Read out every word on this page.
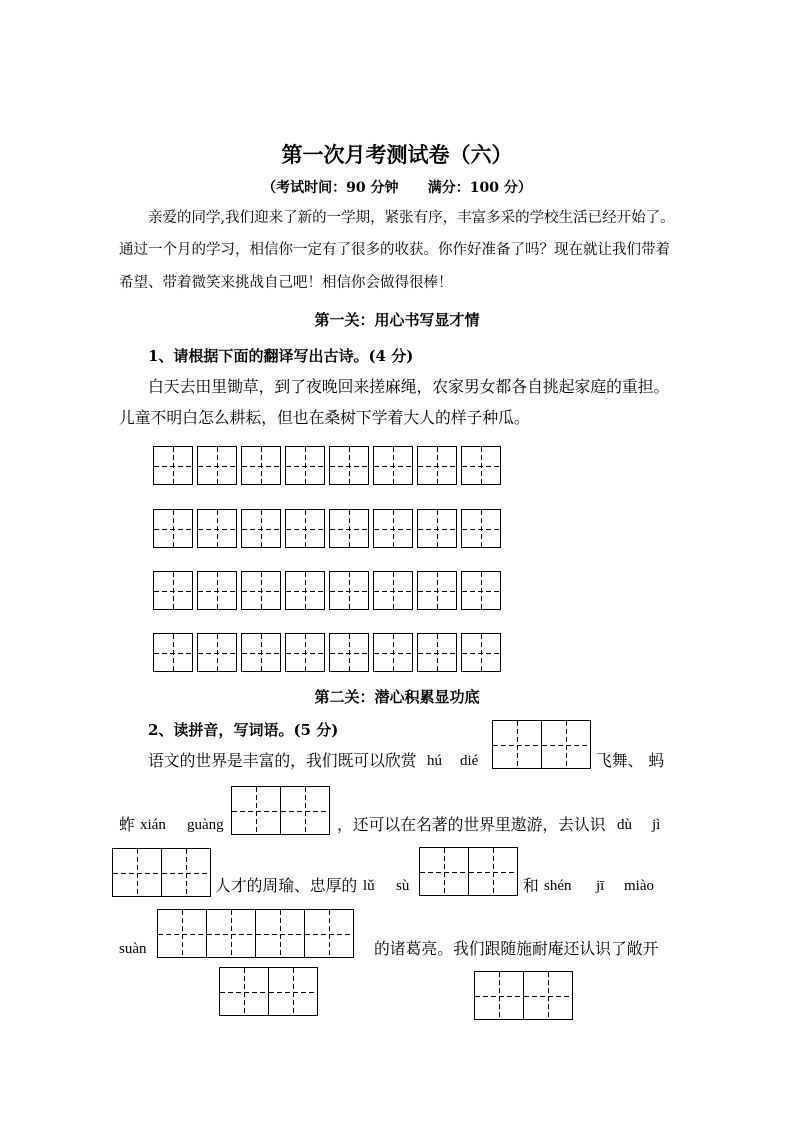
第一次月考测试卷（六）
（考试时间：90 分钟      满分：100 分）
亲爱的同学,我们迎来了新的一学期，紧张有序，丰富多采的学校生活已经开始了。
通过一个月的学习，相信你一定有了很多的收获。你作好准备了吗？现在就让我们带着
希望、带着微笑来挑战自己吧！相信你会做得很棒！
第一关：用心书写显才情
1、请根据下面的翻译写出古诗。(4 分)
白天去田里锄草，到了夜晚回来搓麻绳，农家男女都各自挑起家庭的重担。
儿童不明白怎么耕耘，但也在桑树下学着大人的样子种瓜。
第二关：潜心积累显功底
2、读拼音，写词语。(5 分)
语文的世界是丰富的，我们既可以欣赏 hú dié	飞舞、 蚂
蚱 xián guàng	，还可以在名著的世界里遨游，去认识 dù jì
人才的周瑜、忠厚的 lǔ sù	和 shén jī miào
suàn	的诸葛亮。我们跟随施耐庵还认识了敞开
